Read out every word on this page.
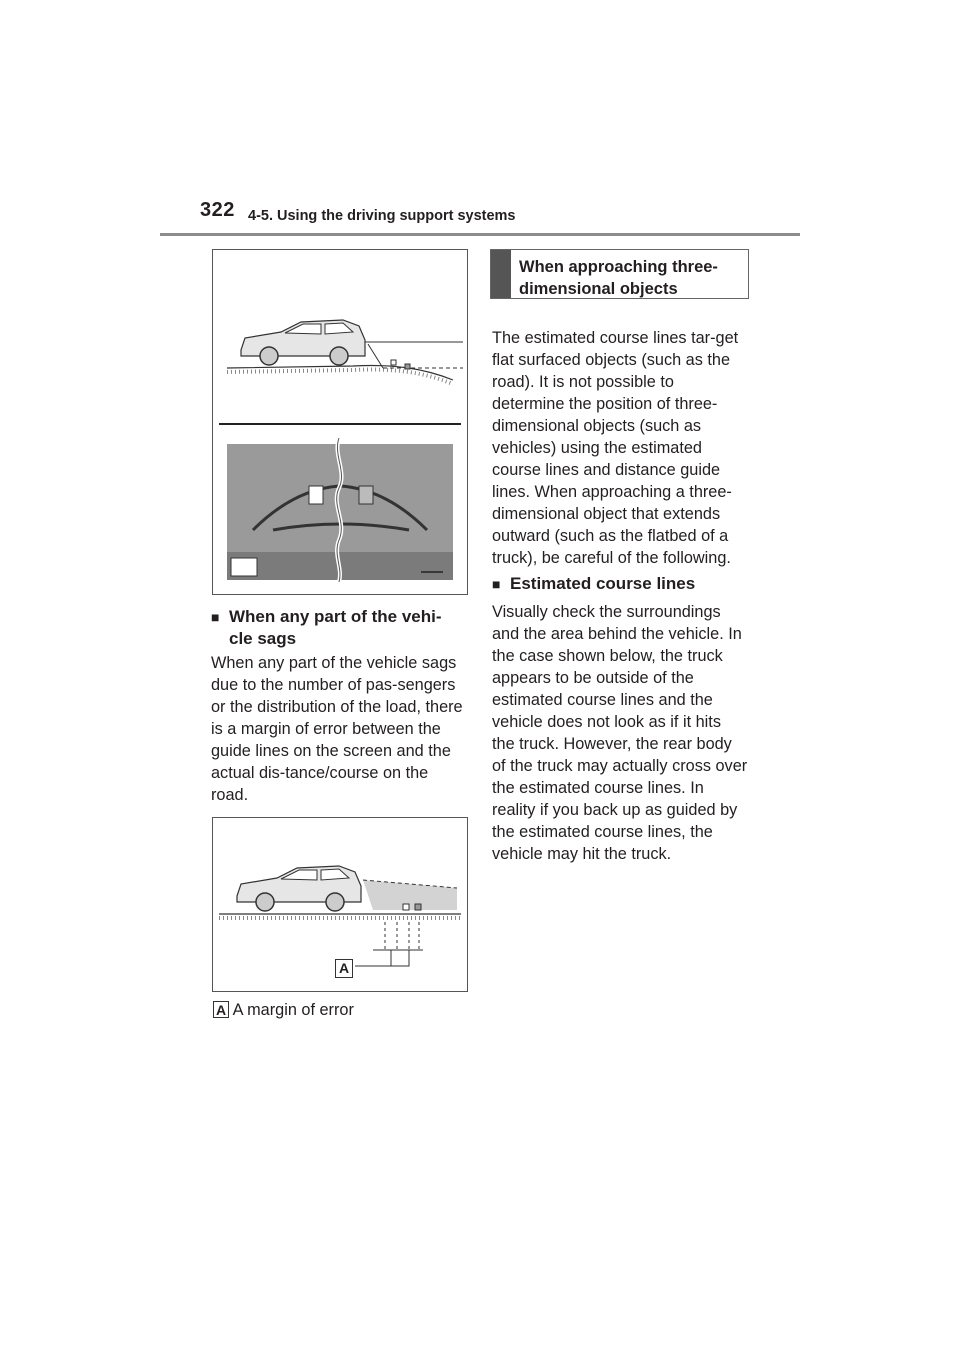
322 4-5. Using the driving support systems
■ When any part of the vehi-
cle sags
When any part of the vehicle sags due to the number of pas-sengers or the distribution of the load, there is a margin of error between the guide lines on the screen and the actual dis-tance/course on the road.
A
A A margin of error
When approaching three-dimensional objects
The estimated course lines tar-get flat surfaced objects (such as the road). It is not possible to determine the position of three-dimensional objects (such as vehicles) using the estimated course lines and distance guide lines. When approaching a three-dimensional object that extends outward (such as the flatbed of a truck), be careful of the following.
■ Estimated course lines
Visually check the surroundings and the area behind the vehicle. In the case shown below, the truck appears to be outside of the estimated course lines and the vehicle does not look as if it hits the truck. However, the rear body of the truck may actually cross over the estimated course lines. In reality if you back up as guided by the estimated course lines, the vehicle may hit the truck.
